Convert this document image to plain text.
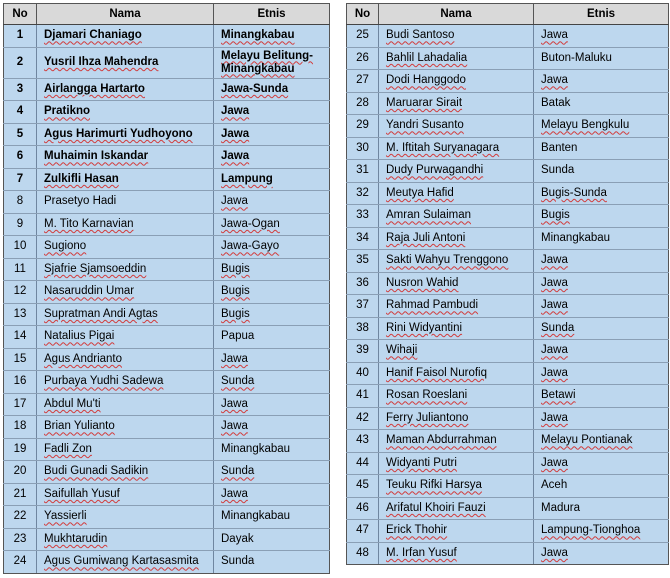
No	Nama	Etnis
1	Djamari Chaniago	Minangkabau
2	Yusril Ihza Mahendra	Melayu Belitung-Minangkabau
3	Airlangga Hartarto	Jawa-Sunda
4	Pratikno	Jawa
5	Agus Harimurti Yudhoyono	Jawa
6	Muhaimin Iskandar	Jawa
7	Zulkifli Hasan	Lampung
8	Prasetyo Hadi	Jawa
9	M. Tito Karnavian	Jawa-Ogan
10	Sugiono	Jawa-Gayo
11	Sjafrie Sjamsoeddin	Bugis
12	Nasaruddin Umar	Bugis
13	Supratman Andi Agtas	Bugis
14	Natalius Pigai	Papua
15	Agus Andrianto	Jawa
16	Purbaya Yudhi Sadewa	Sunda
17	Abdul Mu'ti	Jawa
18	Brian Yulianto	Jawa
19	Fadli Zon	Minangkabau
20	Budi Gunadi Sadikin	Sunda
21	Saifullah Yusuf	Jawa
22	Yassierli	Minangkabau
23	Mukhtarudin	Dayak
24	Agus Gumiwang Kartasasmita	Sunda
No	Nama	Etnis
25	Budi Santoso	Jawa
26	Bahlil Lahadalia	Buton-Maluku
27	Dodi Hanggodo	Jawa
28	Maruarar Sirait	Batak
29	Yandri Susanto	Melayu Bengkulu
30	M. Iftitah Suryanagara	Banten
31	Dudy Purwagandhi	Sunda
32	Meutya Hafid	Bugis-Sunda
33	Amran Sulaiman	Bugis
34	Raja Juli Antoni	Minangkabau
35	Sakti Wahyu Trenggono	Jawa
36	Nusron Wahid	Jawa
37	Rahmad Pambudi	Jawa
38	Rini Widyantini	Sunda
39	Wihaji	Jawa
40	Hanif Faisol Nurofiq	Jawa
41	Rosan Roeslani	Betawi
42	Ferry Juliantono	Jawa
43	Maman Abdurrahman	Melayu Pontianak
44	Widyanti Putri	Jawa
45	Teuku Rifki Harsya	Aceh
46	Arifatul Khoiri Fauzi	Madura
47	Erick Thohir	Lampung-Tionghoa
48	M. Irfan Yusuf	Jawa
